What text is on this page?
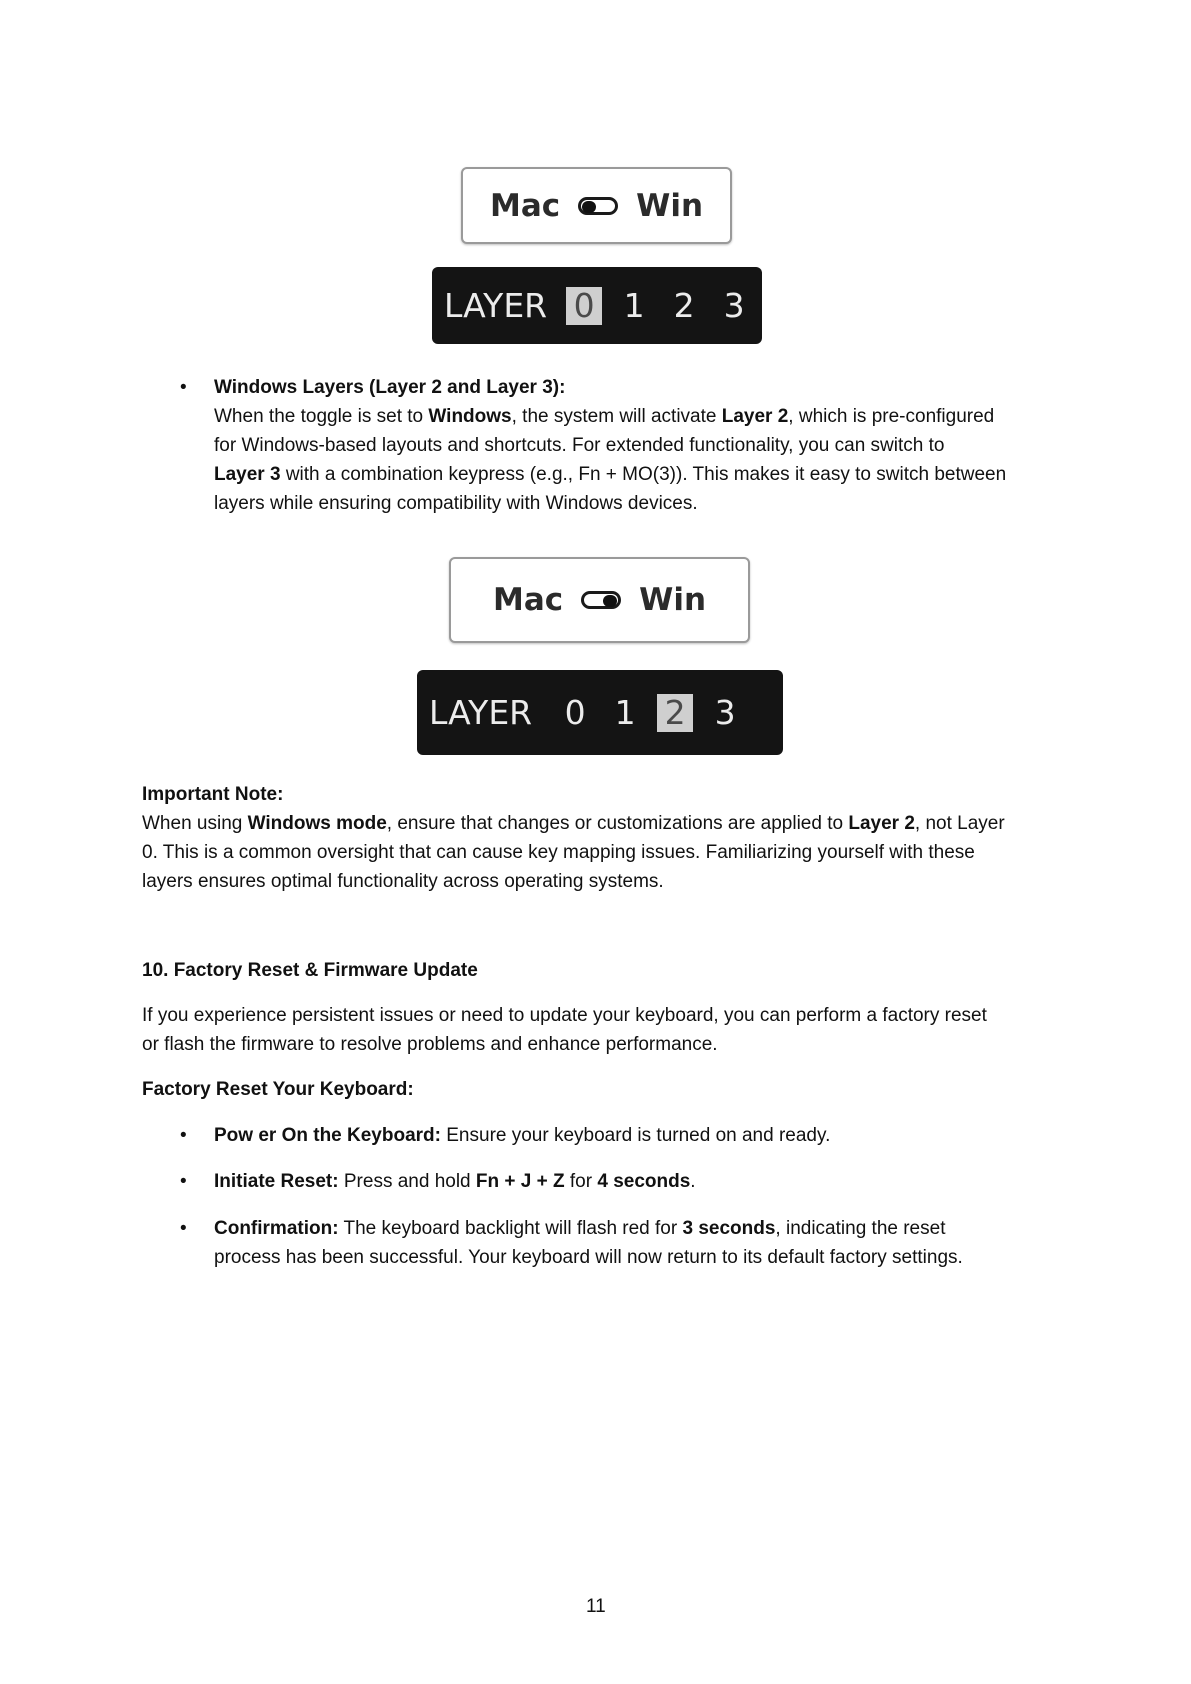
Mac Win
LAYER 0 1 2 3
• Windows Layers (Layer 2 and Layer 3):
When the toggle is set to Windows, the system will activate Layer 2, which is pre-configured
for Windows-based layouts and shortcuts. For extended functionality, you can switch to
Layer 3 with a combination keypress (e.g., Fn + MO(3)). This makes it easy to switch between
layers while ensuring compatibility with Windows devices.
Mac Win
LAYER 0 1 2 3
Important Note:
When using Windows mode, ensure that changes or customizations are applied to Layer 2, not Layer
0. This is a common oversight that can cause key mapping issues. Familiarizing yourself with these
layers ensures optimal functionality across operating systems.
10. Factory Reset & Firmware Update
If you experience persistent issues or need to update your keyboard, you can perform a factory reset
or flash the firmware to resolve problems and enhance performance.
Factory Reset Your Keyboard:
• Pow er On the Keyboard: Ensure your keyboard is turned on and ready.
• Initiate Reset: Press and hold Fn + J + Z for 4 seconds.
• Confirmation: The keyboard backlight will flash red for 3 seconds, indicating the reset
process has been successful. Your keyboard will now return to its default factory settings.
11
